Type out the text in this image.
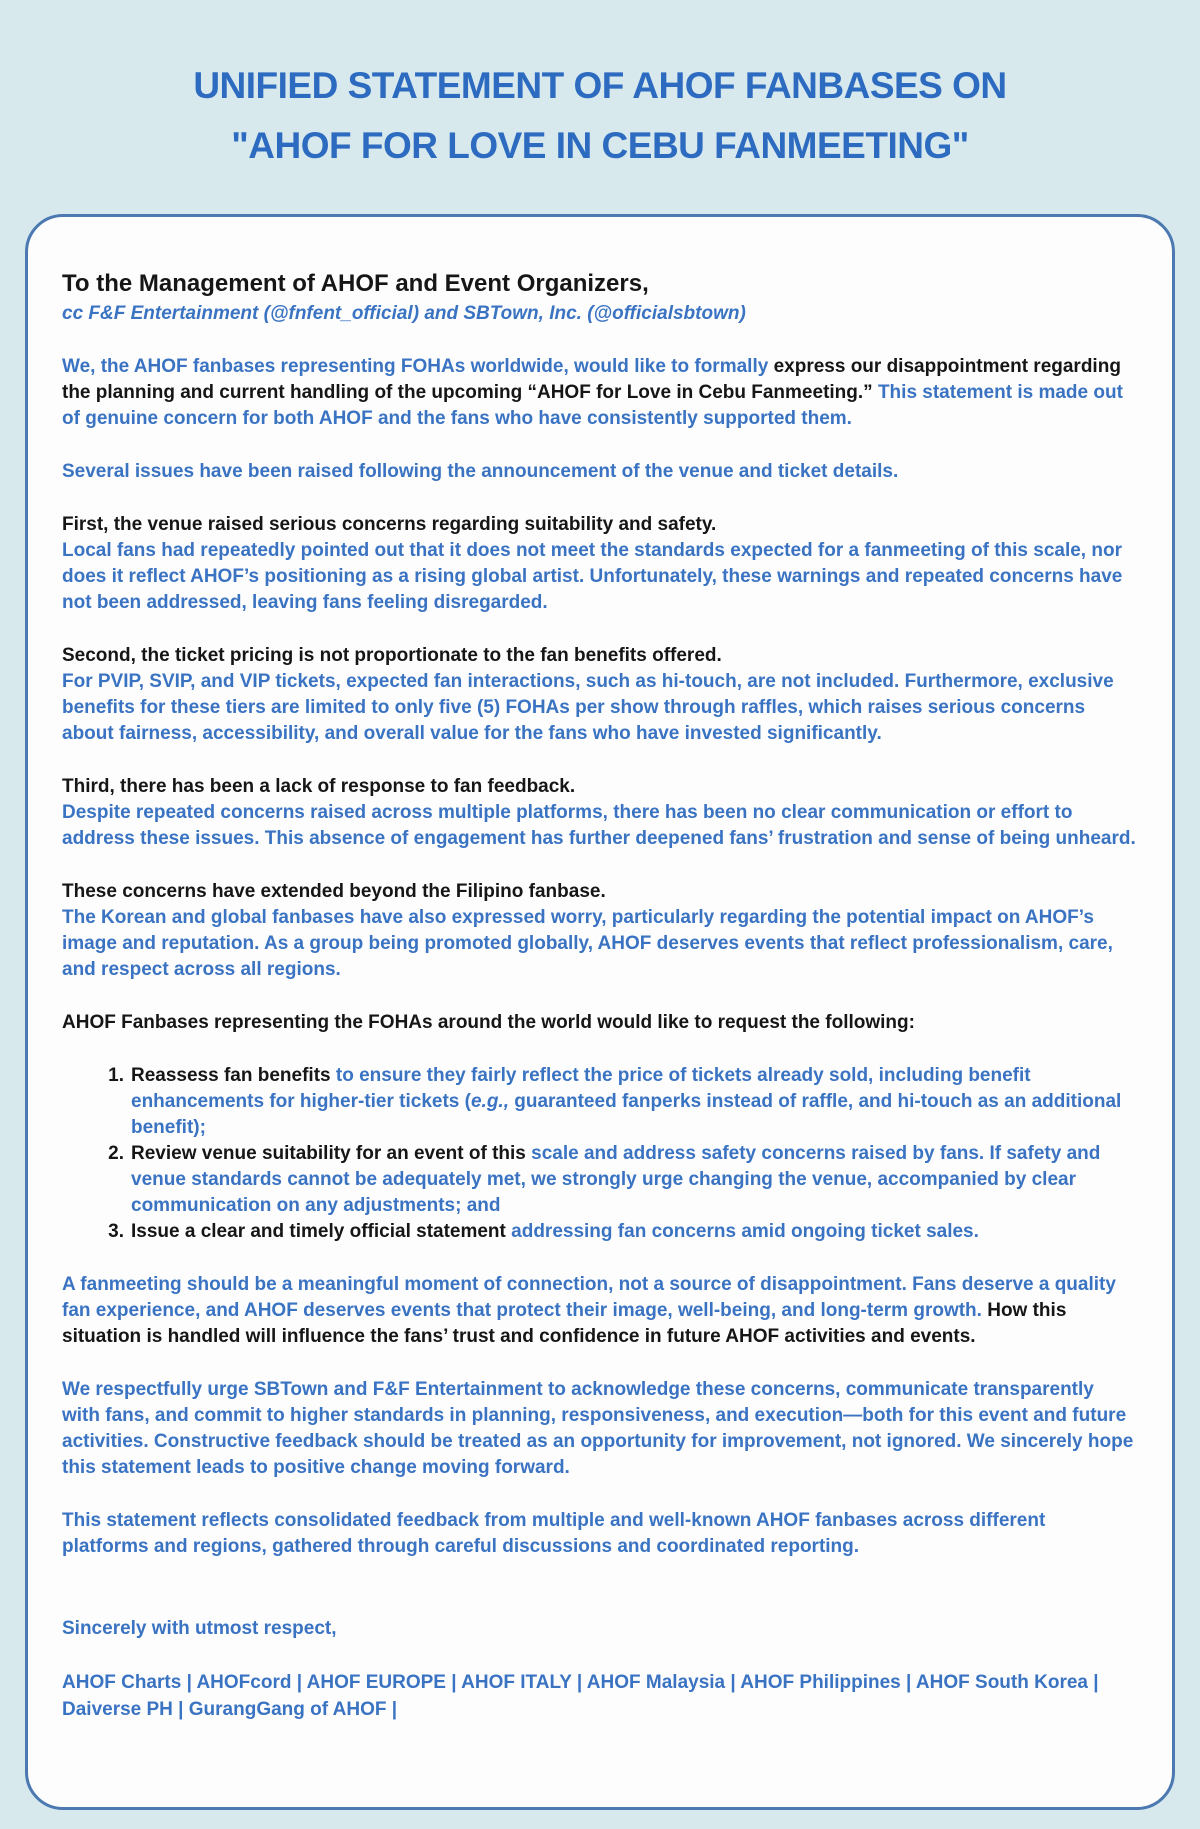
UNIFIED STATEMENT OF AHOF FANBASES ON
"AHOF FOR LOVE IN CEBU FANMEETING"
To the Management of AHOF and Event Organizers,

cc F&F Entertainment (@fnfent_official) and SBTown, Inc. (@officialsbtown)

We, the AHOF fanbases representing FOHAs worldwide, would like to formally express our disappointment regarding the planning and current handling of the upcoming “AHOF for Love in Cebu Fanmeeting.” This statement is made out of genuine concern for both AHOF and the fans who have consistently supported them.

Several issues have been raised following the announcement of the venue and ticket details.

First, the venue raised serious concerns regarding suitability and safety.

Local fans had repeatedly pointed out that it does not meet the standards expected for a fanmeeting of this scale, nor does it reflect AHOF’s positioning as a rising global artist. Unfortunately, these warnings and repeated concerns have not been addressed, leaving fans feeling disregarded.

Second, the ticket pricing is not proportionate to the fan benefits offered.

For PVIP, SVIP, and VIP tickets, expected fan interactions, such as hi-touch, are not included. Furthermore, exclusive benefits for these tiers are limited to only five (5) FOHAs per show through raffles, which raises serious concerns about fairness, accessibility, and overall value for the fans who have invested significantly.

Third, there has been a lack of response to fan feedback.

Despite repeated concerns raised across multiple platforms, there has been no clear communication or effort to address these issues. This absence of engagement has further deepened fans’ frustration and sense of being unheard.

These concerns have extended beyond the Filipino fanbase.

The Korean and global fanbases have also expressed worry, particularly regarding the potential impact on AHOF’s image and reputation. As a group being promoted globally, AHOF deserves events that reflect professionalism, care, and respect across all regions.

AHOF Fanbases representing the FOHAs around the world would like to request the following:

1. Reassess fan benefits to ensure they fairly reflect the price of tickets already sold, including benefit enhancements for higher-tier tickets (e.g., guaranteed fanperks instead of raffle, and hi-touch as an additional benefit);
2. Review venue suitability for an event of this scale and address safety concerns raised by fans. If safety and venue standards cannot be adequately met, we strongly urge changing the venue, accompanied by clear communication on any adjustments; and
3. Issue a clear and timely official statement addressing fan concerns amid ongoing ticket sales.

A fanmeeting should be a meaningful moment of connection, not a source of disappointment. Fans deserve a quality fan experience, and AHOF deserves events that protect their image, well-being, and long-term growth. How this situation is handled will influence the fans’ trust and confidence in future AHOF activities and events.

We respectfully urge SBTown and F&F Entertainment to acknowledge these concerns, communicate transparently with fans, and commit to higher standards in planning, responsiveness, and execution—both for this event and future activities. Constructive feedback should be treated as an opportunity for improvement, not ignored. We sincerely hope this statement leads to positive change moving forward.

This statement reflects consolidated feedback from multiple and well-known AHOF fanbases across different platforms and regions, gathered through careful discussions and coordinated reporting.

Sincerely with utmost respect,

AHOF Charts | AHOFcord | AHOF EUROPE | AHOF ITALY | AHOF Malaysia | AHOF Philippines | AHOF South Korea | Daiverse PH | GurangGang of AHOF |
